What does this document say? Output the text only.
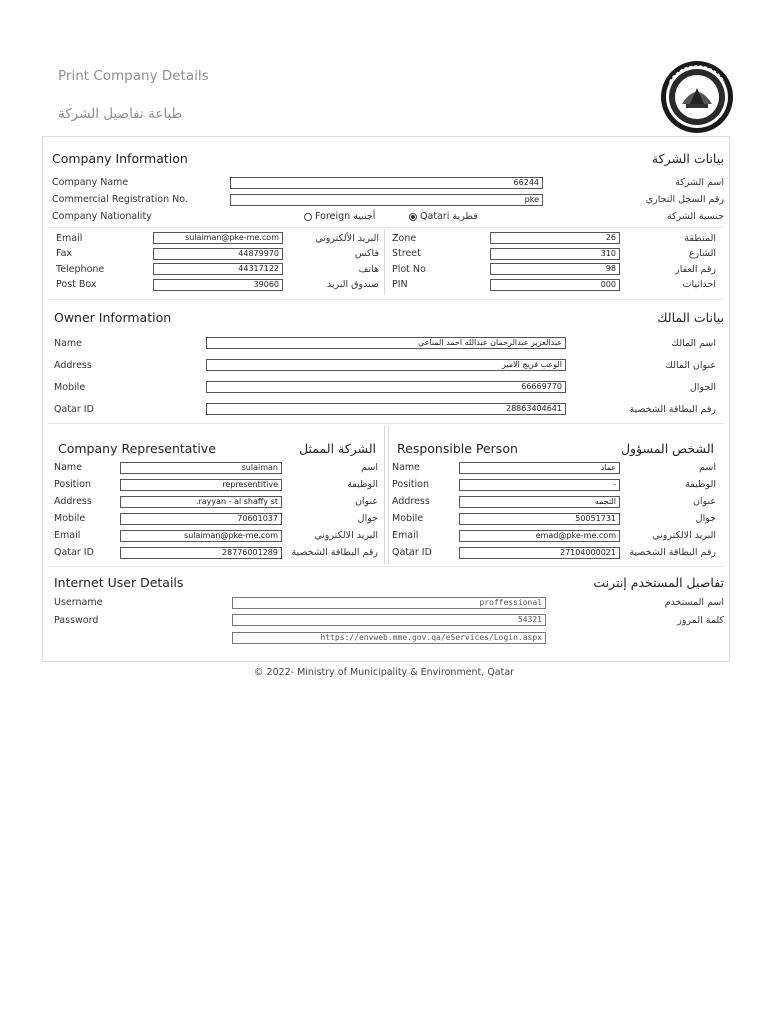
Print Company Details
طباعة تفاصيل الشركة
Company Information	بيانات الشركة
Company Name	66244	اسم الشركة
Commercial Registration No.	pke	رقم السجل التجاري
Company Nationality	Foreign أجنبية	Qatari قطرية	جنسية الشركة
Email	sulaiman@pke-me.com	البريد الألكتروني
Fax	44879970	فاكس
Telephone	44317122	هاتف
Post Box	39060	صندوق البريد
Zone	26	المنطقة
Street	310	الشارع
Plot No	98	رقم العقار
PIN	000	احداثيات
Owner Information	بيانات المالك
Name	عبدالعزيز عبدالرحمان عبدالله احمد المناعي	اسم المالك
Address	الوعب فريج الامير	عنوان المالك
Mobile	66669770	الجوال
Qatar ID	28863404641	رقم البطاقة الشخصية
Company Representative	الشركة الممثل
Name	sulaiman	اسم
Position	representitive	الوظيفة
Address	.rayyan - al shaffy st	عنوان
Mobile	70601037	جوال
Email	sulaiman@pke-me.com	البريد الالكتروني
Qatar ID	28776001289	رقم البطاقة الشخصية
Responsible Person	الشخص المسؤول
Name	عماد	اسم
Position	-	الوظيفة
Address	التجمه	عنوان
Mobile	50051731	جوال
Email	emad@pke-me.com	البريد الالكتروني
Qatar ID	27104000021	رقم البطاقة الشخصية
Internet User Details	تفاصيل المستخدم إنترنت
Username	proffessional	اسم المستخدم
Password	54321	كلمة المرور
https://envweb.mme.gov.qa/eServices/Login.aspx
© 2022- Ministry of Municipality & Environment, Qatar
